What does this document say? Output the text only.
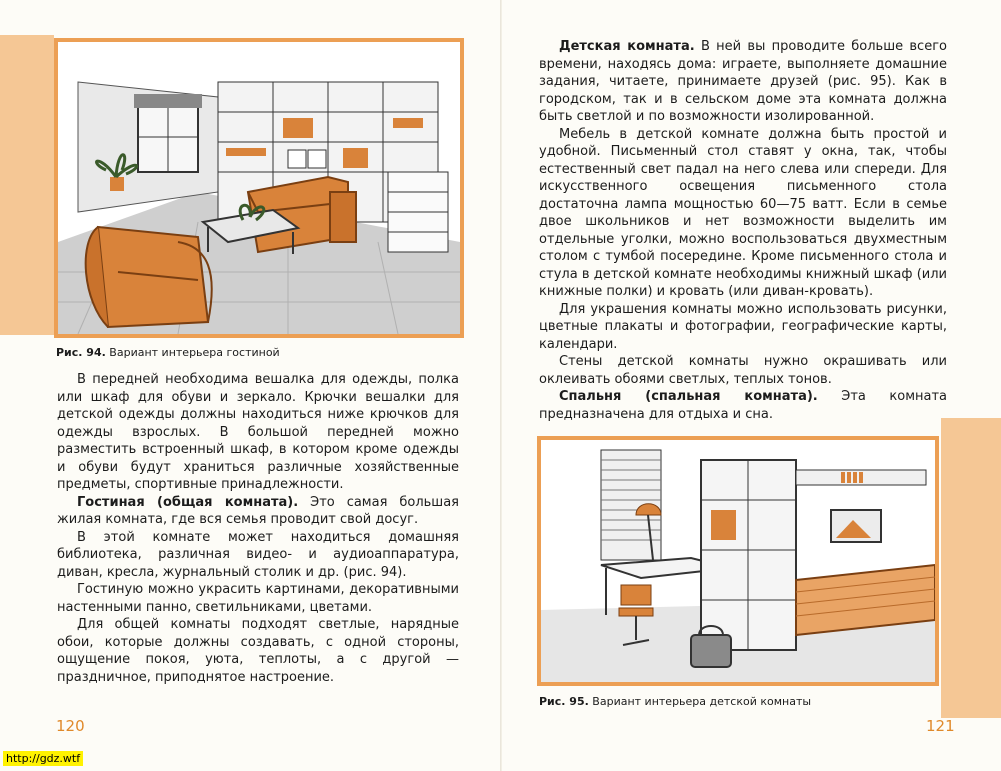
Рис. 94. Вариант интерьера гостиной

В передней необходима вешалка для одежды, полка или шкаф для обуви и зеркало. Крючки вешалки для детской одежды должны находиться ниже крючков для одежды взрослых. В большой передней можно разместить встроенный шкаф, в котором кроме одежды и обуви будут храниться различные хозяйственные предметы, спортивные принадлежности.

Гостиная (общая комната). Это самая большая жилая комната, где вся семья проводит свой досуг.

В этой комнате может находиться домашняя библиотека, различная видео- и аудиоаппаратура, диван, кресла, журнальный столик и др. (рис. 94).

Гостиную можно украсить картинами, декоративными настенными панно, светильниками, цветами.

Для общей комнаты подходят светлые, нарядные обои, которые должны создавать, с одной стороны, ощущение покоя, уюта, теплоты, а с другой — праздничное, приподнятое настроение.

120

Детская комната. В ней вы проводите больше всего времени, находясь дома: играете, выполняете домашние задания, читаете, принимаете друзей (рис. 95). Как в городском, так и в сельском доме эта комната должна быть светлой и по возможности изолированной.

Мебель в детской комнате должна быть простой и удобной. Письменный стол ставят у окна, так, чтобы естественный свет падал на него слева или спереди. Для искусственного освещения письменного стола достаточна лампа мощностью 60—75 ватт. Если в семье двое школьников и нет возможности выделить им отдельные уголки, можно воспользоваться двухместным столом с тумбой посередине. Кроме письменного стола и стула в детской комнате необходимы книжный шкаф (или книжные полки) и кровать (или диван-кровать).

Для украшения комнаты можно использовать рисунки, цветные плакаты и фотографии, географические карты, календари.

Стены детской комнаты нужно окрашивать или оклеивать обоями светлых, теплых тонов.

Спальня (спальная комната). Эта комната предназначена для отдыха и сна.

Рис. 95. Вариант интерьера детской комнаты
121
http://gdz.wtf
